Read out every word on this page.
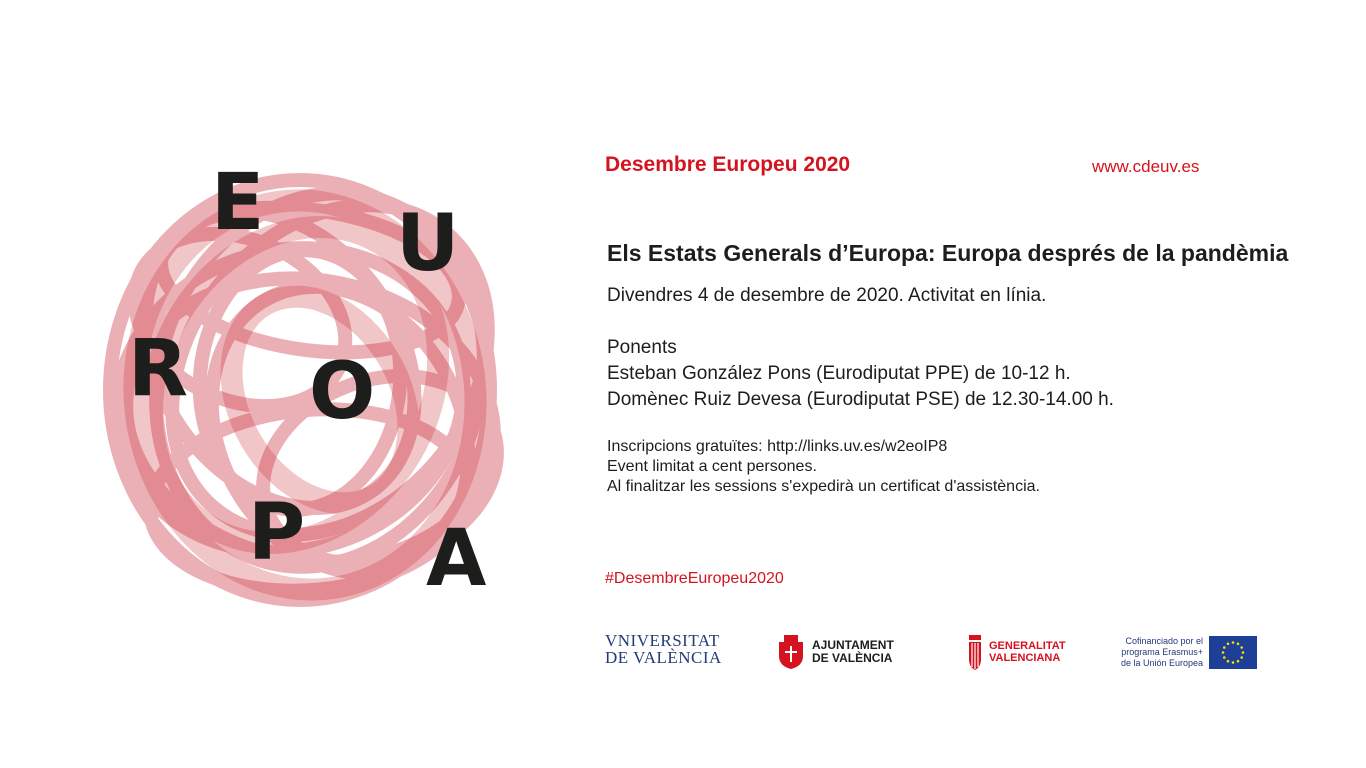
E U
R O
P A
Desembre Europeu 2020	www.cdeuv.es
Els Estats Generals d’Europa: Europa després de la pandèmia
Divendres 4 de desembre de 2020. Activitat en línia.
Ponents
Esteban González Pons (Eurodiputat PPE) de 10-12 h.
Domènec Ruiz Devesa (Eurodiputat PSE) de 12.30-14.00 h.
Inscripcions gratuïtes: http://links.uv.es/w2eoIP8
Event limitat a cent persones.
Al finalitzar les sessions s'expedirà un certificat d'assistència.
#DesembreEuropeu2020
VNIVERSITAT
DE VALÈNCIA
AJUNTAMENT
DE VALÈNCIA
GENERALITAT
VALENCIANA
Cofinanciado por el
programa Erasmus+
de la Unión Europea
